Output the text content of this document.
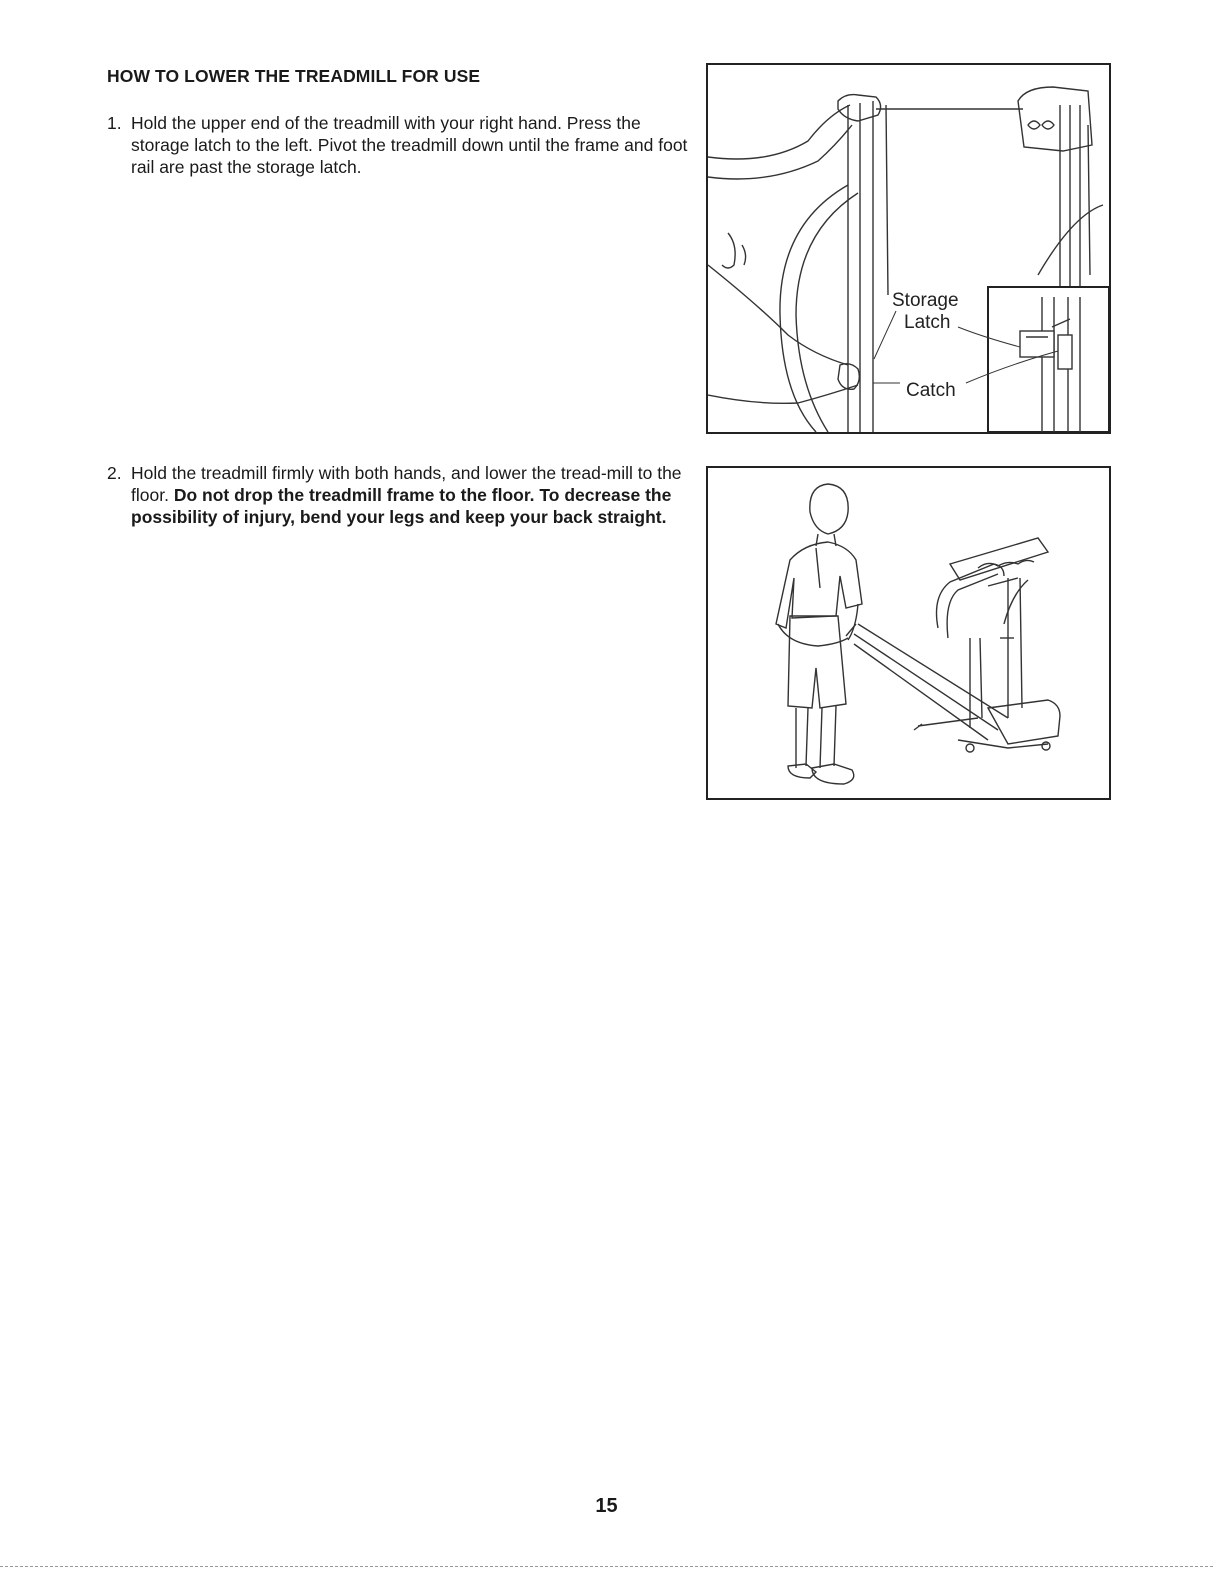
HOW TO LOWER THE TREADMILL FOR USE
1. Hold the upper end of the treadmill with your right hand. Press the storage latch to the left. Pivot the treadmill down until the frame and foot rail are past the storage latch.
2. Hold the treadmill firmly with both hands, and lower the tread-mill to the floor. Do not drop the treadmill frame to the floor. To decrease the possibility of injury, bend your legs and keep your back straight.
Storage
Latch
Catch
15
